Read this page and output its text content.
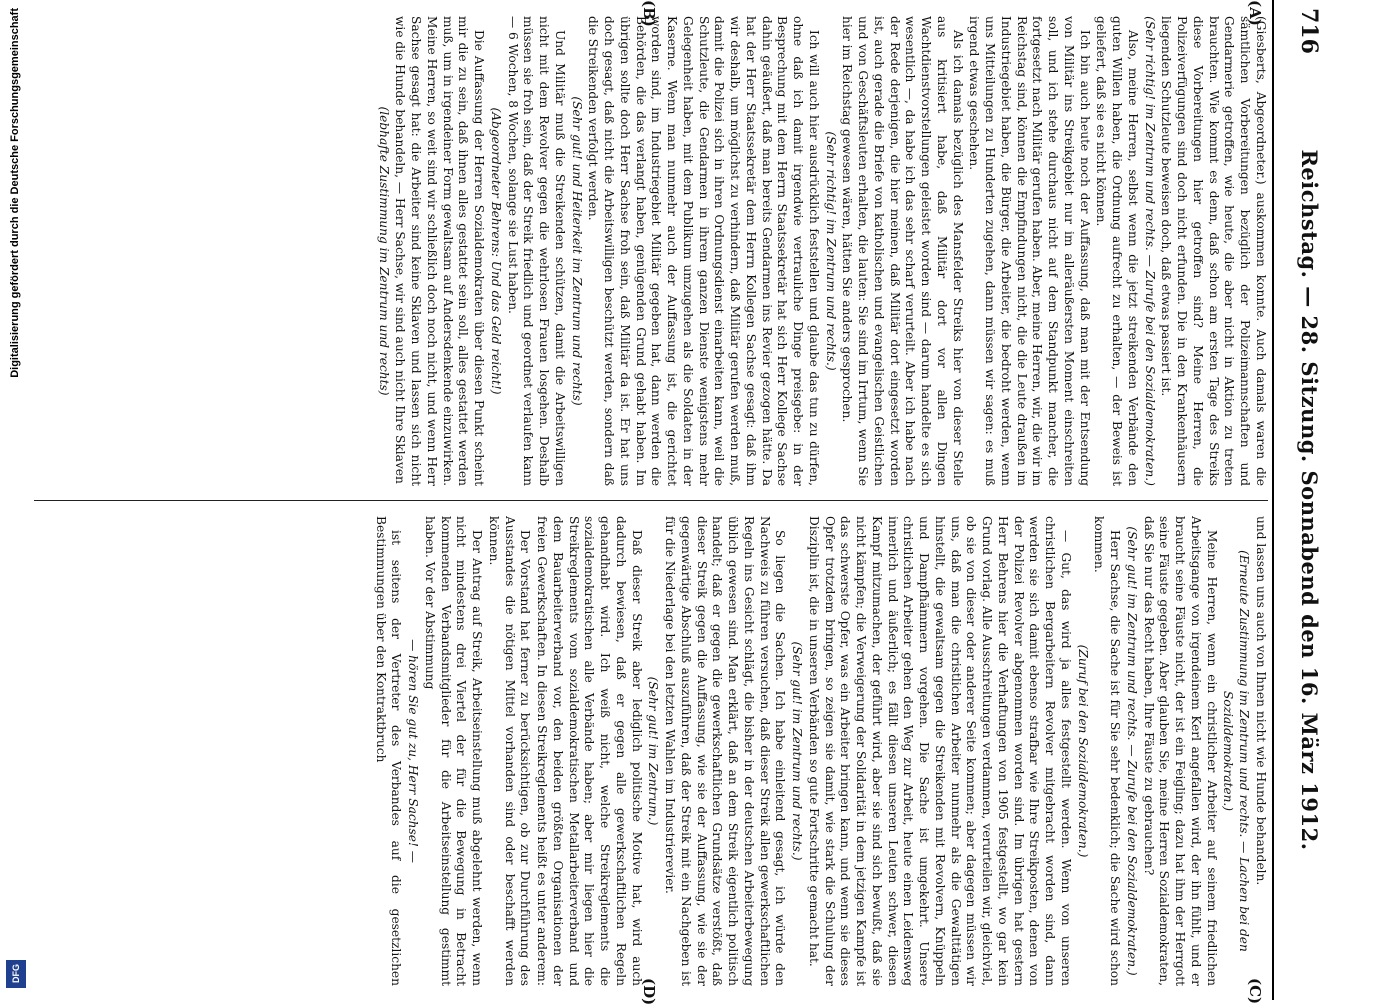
716
Reichstag. — 28. Sitzung. Sonnabend den 16. März 1912.
(A)
(B)
(C)
(D)

(Giesberts, Abgeordneter.) auskommen konnte. Auch damals waren die sämtlichen Vorbereitungen bezüglich der Polizeimannschaften und Gendarmerie getroffen, wie heute, die aber nicht in Aktion zu treten brauchten. Wie kommt es denn, daß schon am ersten Tage des Streiks diese Vorbereitungen hier getroffen sind? Meine Herren, die Polizeiverfügungen sind doch nicht erfunden. Die in den Krankenhäusern liegenden Schutzleute beweisen doch, daß etwas passiert ist.

(Sehr richtig! im Zentrum und rechts. — Zurufe bei den Sozialdemokraten.)

Also, meine Herren, selbst wenn die jetzt streikenden Verbände den guten Willen haben, die Ordnung aufrecht zu erhalten, — der Beweis ist geliefert, daß sie es nicht können.

Ich bin auch heute noch der Auffassung, daß man mit der Entsendung von Militär ins Streikgebiet nur im alleräußersten Moment einschreiten soll, und ich stehe durchaus nicht auf dem Standpunkt mancher, die fortgesetzt nach Militär gerufen haben. Aber, meine Herren, wir, die wir im Reichstag sind, können die Empfindungen nicht, die die Leute draußen im Industriegebiet haben, die Bürger, die Arbeiter, die bedroht werden, wenn uns Mitteilungen zu Hunderten zugehen, dann müssen wir sagen: es muß irgend etwas geschehen.

Als ich damals bezüglich des Mansfelder Streiks hier von dieser Stelle aus kritisiert habe, daß Militär dort vor allen Dingen Wachtdienstvorstellungen geleistet worden sind — darum handelte es sich wesentlich —, da habe ich das sehr scharf verurteilt. Aber ich habe nach der Rede derjenigen, die hier meinen, daß Militär dort eingesetzt worden ist, auch gerade die Briefe von katholischen und evangelischen Geistlichen und von Geschäftsleuten erhalten, die lauten: Sie sind im Irrtum, wenn Sie hier im Reichstag gewesen wären, hätten Sie anders gesprochen.

(Sehr richtig! im Zentrum und rechts.)

Ich will auch hier ausdrücklich feststellen und glaube das tun zu dürfen, ohne daß ich damit irgendwie vertrauliche Dinge preisgebe: in der Besprechung mit dem Herrn Staatssekretär hat sich Herr Kollege Sachse dahin geäußert, daß man bereits Gendarmen ins Revier gezogen hätte. Da hat der Herr Staatssekretär dem Herrn Kollegen Sachse gesagt: daß ihm wir deshalb, um möglichst zu verhindern, daß Militär gerufen werden muß, damit die Polizei sich in ihren Ordnungsdienst einarbeiten kann, weil die Schutzleute, die Gendarmen in ihrem ganzen Dienste wenigstens mehr Gelegenheit haben, mit dem Publikum umzugehen als die Soldaten in der Kaserne. Wenn man nunmehr auch der Auffassung ist, die gerichtet worden sind, im Industriegebiet Militär gegeben hat, dann werden die Behörden, die das verlangt haben, genügenden Grund gehabt haben. Im übrigen sollte doch Herr Sachse froh sein, daß Militär da ist. Er hat uns doch gesagt, daß nicht die Arbeitswilligen beschützt werden, sondern daß die Streikenden verfolgt werden.

(Sehr gut! und Heiterkeit im Zentrum und rechts)

Und Militär muß die Streikenden schützen, damit die Arbeitswilligen nicht mit dem Revolver gegen die wehrlosen Frauen losgehen. Deshalb müssen sie froh sein, daß der Streik friedlich und geordnet verlaufen kann — 6 Wochen, 8 Wochen, solange sie Lust haben.

(Abgeordneter Behrens: Und das Geld reicht!)

Die Auffassung der Herren Sozialdemokraten über diesen Punkt scheint mir die zu sein, daß ihnen alles gestattet sein soll, alles gestattet werden muß, um in irgendeiner Form gewaltsam auf Andersdenkende einzuwirken. Meine Herren, so weit sind wir schließlich doch noch nicht, und wenn Herr Sachse gesagt hat: die Arbeiter sind keine Sklaven und lassen sich nicht wie die Hunde behandeln, — Herr Sachse, wir sind auch nicht Ihre Sklaven

(lebhafte Zustimmung im Zentrum und rechts)

und lassen uns auch von Ihnen nicht wie Hunde behandeln.

(Erneute Zustimmung im Zentrum und rechts. — Lachen bei den Sozialdemokraten.)

Meine Herren, wenn ein christlicher Arbeiter auf seinem friedlichen Arbeitsgange von irgendeinem Kerl angefallen wird, der ihn fühlt, und er braucht seine Fäuste nicht, der ist ein Feigling; dazu hat ihm der Herrgott seine Fäuste gegeben. Aber glauben Sie, meine Herren Sozialdemokraten, daß Sie nur das Recht haben, Ihre Fäuste zu gebrauchen?

(Sehr gut! im Zentrum und rechts. — Zurufe bei den Sozialdemokraten.)

Herr Sachse, die Sache ist für Sie sehr bedenklich; die Sache wird schon kommen.

(Zuruf bei den Sozialdemokraten.)

— Gut, das wird ja alles festgestellt werden. Wenn von unseren christlichen Bergarbeitern Revolver mitgebracht worden sind, dann werden sie sich damit ebenso strafbar wie Ihre Streikposten, denen von der Polizei Revolver abgenommen worden sind. Im übrigen hat gestern Herr Behrens hier die Verhaftungen von 1905 festgestellt, wo gar kein Grund vorlag. Alle Ausschreitungen verdammen, verurteilen wir, gleichviel, ob sie von dieser oder anderer Seite kommen; aber dagegen müssen wir uns, daß man die christlichen Arbeiter nunmehr als die Gewalttätigen hinstellt, die gewaltsam gegen die Streikenden mit Revolvern, Knüppeln und Dampfhämmern vorgehen. Die Sache ist umgekehrt. Unsere christlichen Arbeiter gehen den Weg zur Arbeit, heute einen Leidensweg innerlich und äußerlich; es fällt diesen unseren Leuten schwer, diesen Kampf mitzumachen, der geführt wird, aber sie sind sich bewußt, daß sie nicht kämpfen; die Verweigerung der Solidarität in dem jetzigen Kampfe ist das schwerste Opfer, was ein Arbeiter bringen kann, und wenn sie dieses Opfer trotzdem bringen, so zeigen sie damit, wie stark die Schulung der Disziplin ist, die in unseren Verbänden so gute Fortschritte gemacht hat.

(Sehr gut! im Zentrum und rechts.)

So liegen die Sachen. Ich habe einleitend gesagt, ich würde den Nachweis zu führen versuchen, daß dieser Streik allen gewerkschaftlichen Regeln ins Gesicht schlägt, die bisher in der deutschen Arbeiterbewegung üblich gewesen sind. Man erklärt, daß an dem Streik eigentlich politisch handelt; daß er gegen die gewerkschaftlichen Grundsätze verstößt, daß dieser Streik gegen die Auffassung, wie sie der Auffassung, wie sie der gegenwärtige Abschluß auszuführen, daß der Streik mit ein Nachgeben ist für die Niederlage bei den letzten Wahlen im Industrierevier.

(Sehr gut! im Zentrum.)

Daß dieser Streik aber lediglich politische Motive hat, wird auch dadurch bewiesen, daß er gegen alle gewerkschaftlichen Regeln gehandhabt wird. Ich weiß nicht, welche Streikreglements die sozialdemokratischen alle Verbände haben; aber mir liegen hier die Streikreglements vom sozialdemokratischen Metallarbeiterverband und dem Bauarbeiterverband vor, den beiden größten Organisationen der freien Gewerkschaften. In diesen Streikreglements heißt es unter anderem:

Der Vorstand hat ferner zu berücksichtigen, ob zur Durchführung des Ausstandes die nötigen Mittel vorhanden sind oder beschafft werden können.

Der Antrag auf Streik, Arbeitseinstellung muß abgelehnt werden, wenn nicht mindestens drei Viertel der für die Bewegung in Betracht kommenden Verbandsmitglieder für die Arbeitseinstellung gestimmt haben. Vor der Abstimmung

— hören Sie gut zu, Herr Sachse! —

ist seitens der Vertreter des Verbandes auf die gesetzlichen Bestimmungen über den Kontraktbruch

Digitalisierung gefördert durch die Deutsche Forschungsgemeinschaft
DFG
